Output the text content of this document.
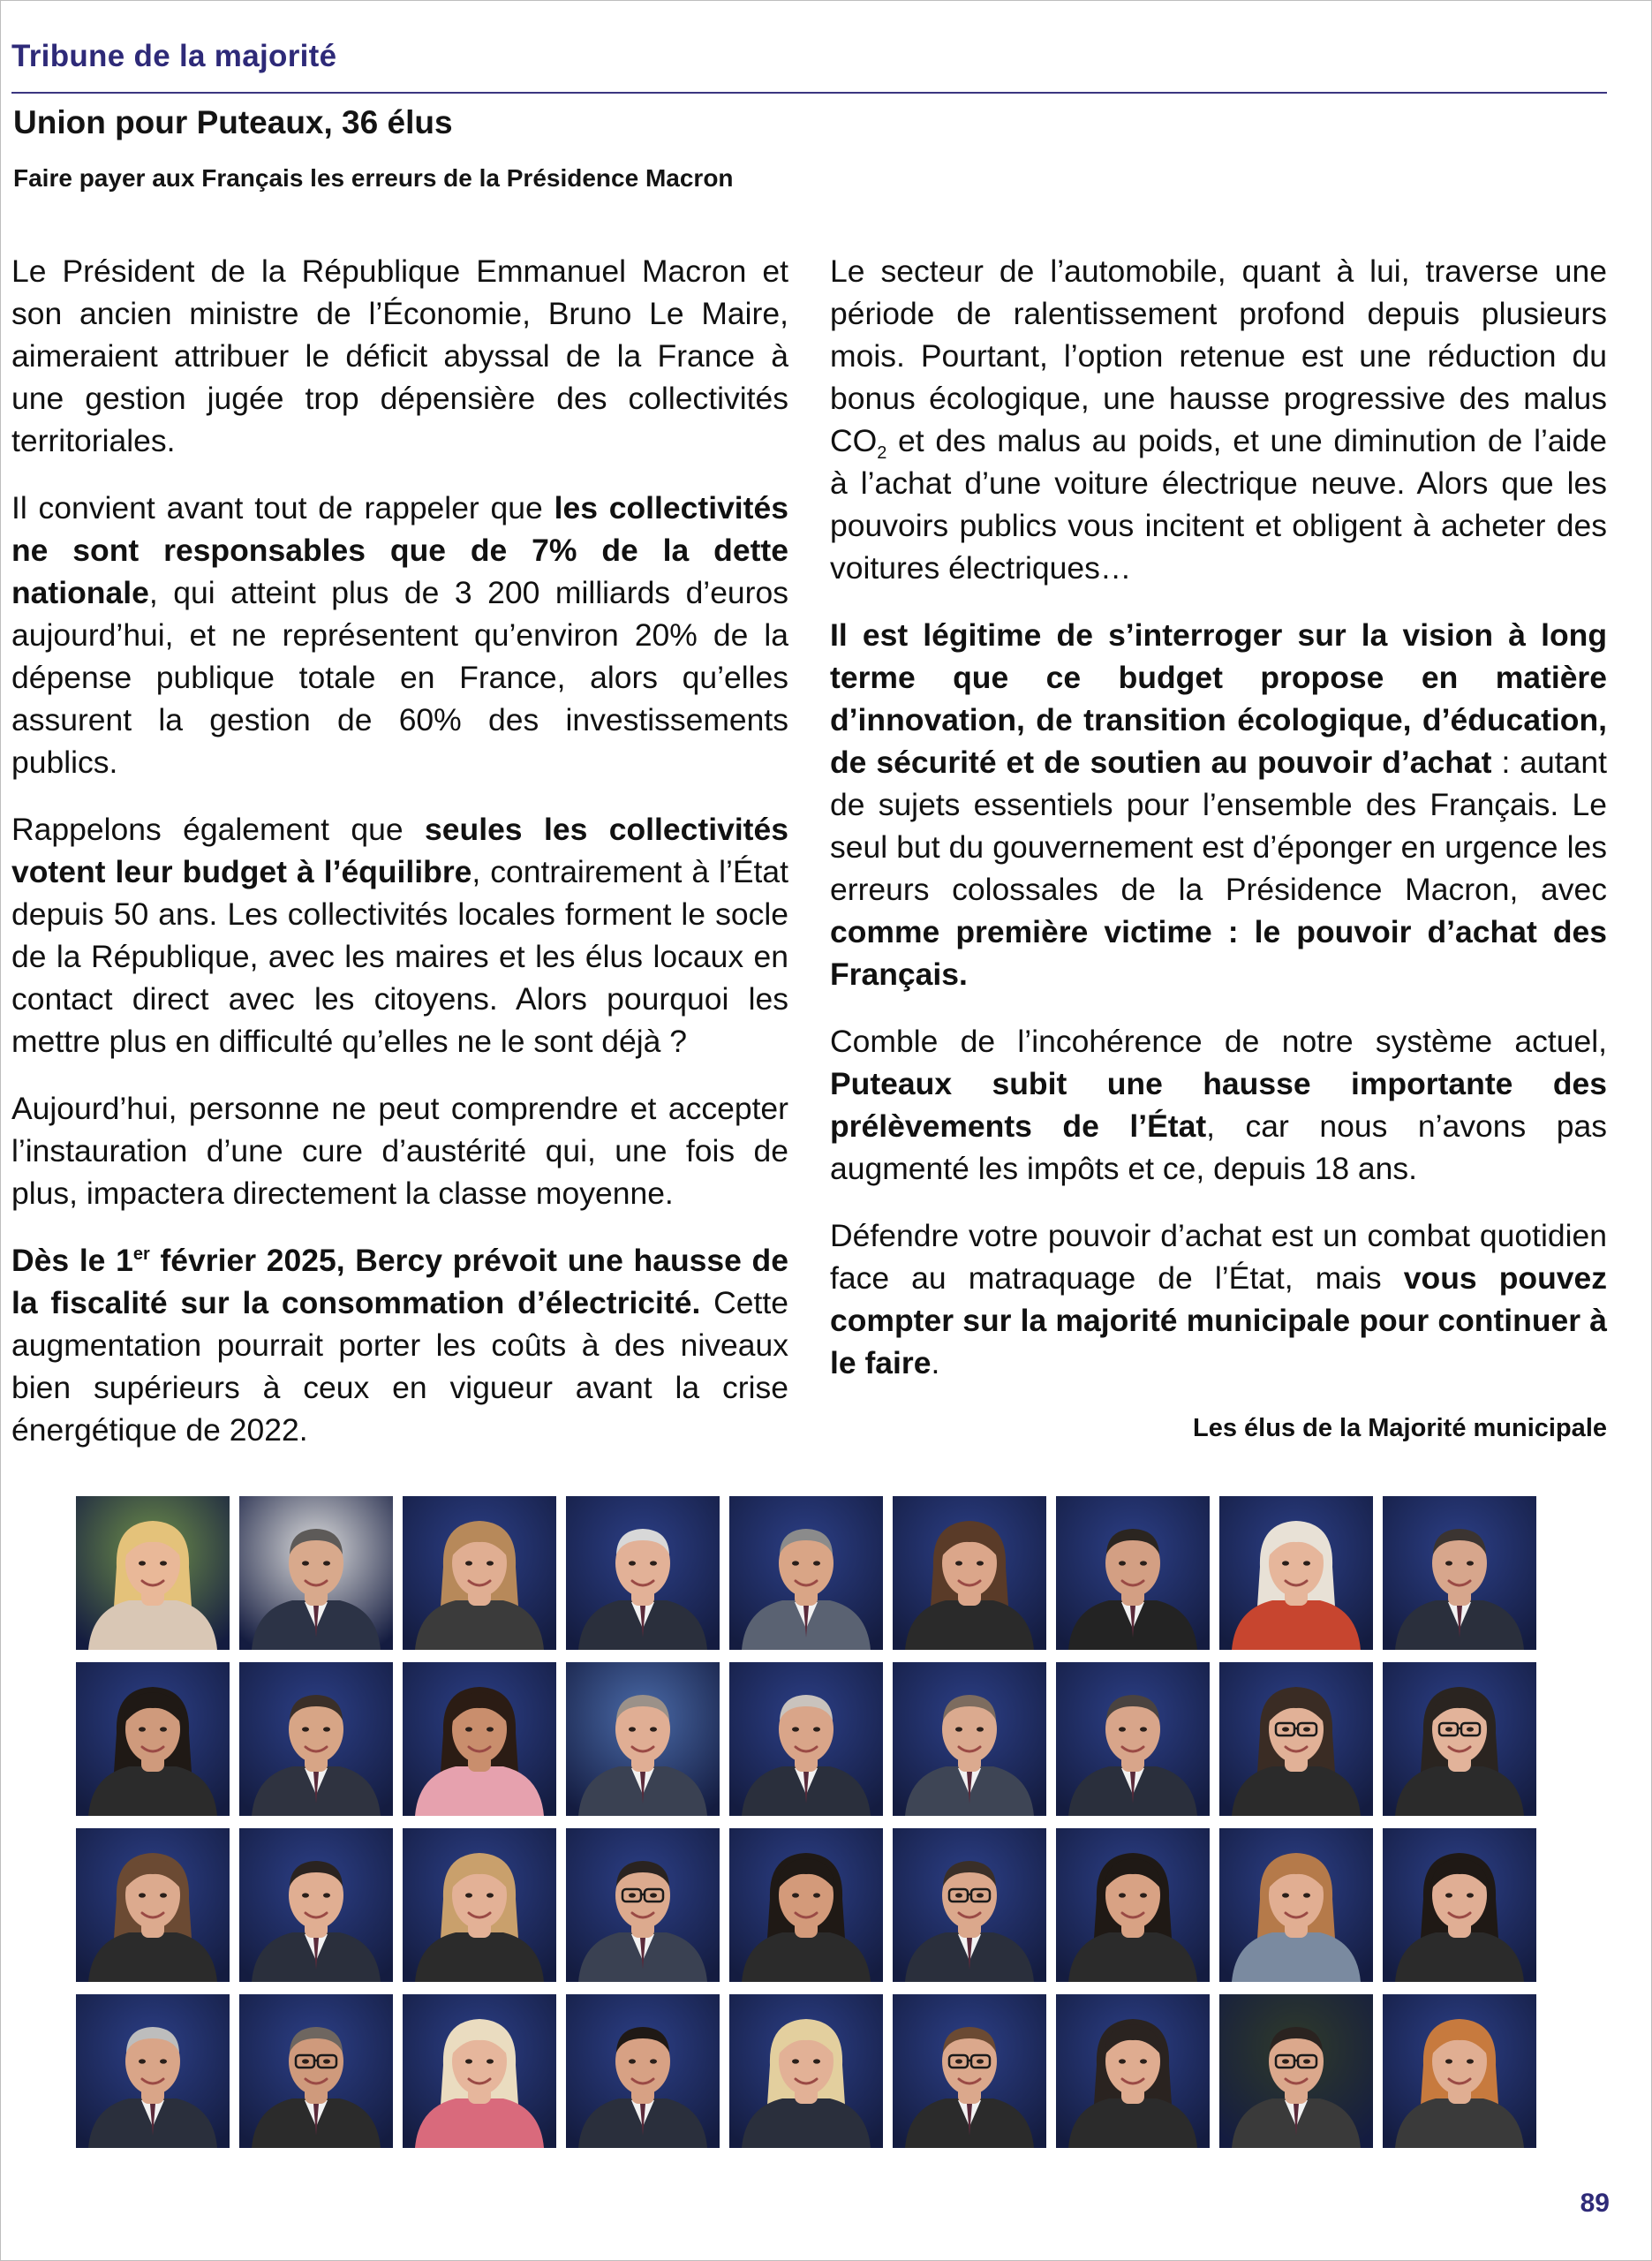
Tribune de la majorité
Union pour Puteaux, 36 élus
Faire payer aux Français les erreurs de la Présidence Macron

Le Président de la République Emmanuel Macron et son ancien ministre de l’Économie, Bruno Le Maire, aimeraient attribuer le déficit abyssal de la France à une gestion jugée trop dépensière des collectivités territoriales.

Il convient avant tout de rappeler que les collectivités ne sont responsables que de 7% de la dette nationale, qui atteint plus de 3 200 milliards d’euros aujourd’hui, et ne représentent qu’environ 20% de la dépense publique totale en France, alors qu’elles assurent la gestion de 60% des investissements publics.

Rappelons également que seules les collectivités votent leur budget à l’équilibre, contrairement à l’État depuis 50 ans. Les collectivités locales forment le socle de la République, avec les maires et les élus locaux en contact direct avec les citoyens. Alors pourquoi les mettre plus en difficulté qu’elles ne le sont déjà ?

Aujourd’hui, personne ne peut comprendre et accepter l’instauration d’une cure d’austérité qui, une fois de plus, impactera directement la classe moyenne.

Dès le 1er février 2025, Bercy prévoit une hausse de la fiscalité sur la consommation d’électricité. Cette augmentation pourrait porter les coûts à des niveaux bien supérieurs à ceux en vigueur avant la crise énergétique de 2022.

Le secteur de l’automobile, quant à lui, traverse une période de ralentissement profond depuis plusieurs mois. Pourtant, l’option retenue est une réduction du bonus écologique, une hausse progressive des malus $CO_2$ et des malus au poids, et une diminution de l’aide à l’achat d’une voiture électrique neuve. Alors que les pouvoirs publics vous incitent et obligent à acheter des voitures électriques…

Il est légitime de s’interroger sur la vision à long terme que ce budget propose en matière d’innovation, de transition écologique, d’éducation, de sécurité et de soutien au pouvoir d’achat : autant de sujets essentiels pour l’ensemble des Français. Le seul but du gouvernement est d’éponger en urgence les erreurs colossales de la Présidence Macron, avec comme première victime : le pouvoir d’achat des Français.

Comble de l’incohérence de notre système actuel, Puteaux subit une hausse importante des prélèvements de l’État, car nous n’avons pas augmenté les impôts et ce, depuis 18 ans.

Défendre votre pouvoir d’achat est un combat quotidien face au matraquage de l’État, mais vous pouvez compter sur la majorité municipale pour continuer à le faire.

Les élus de la Majorité municipale
89
